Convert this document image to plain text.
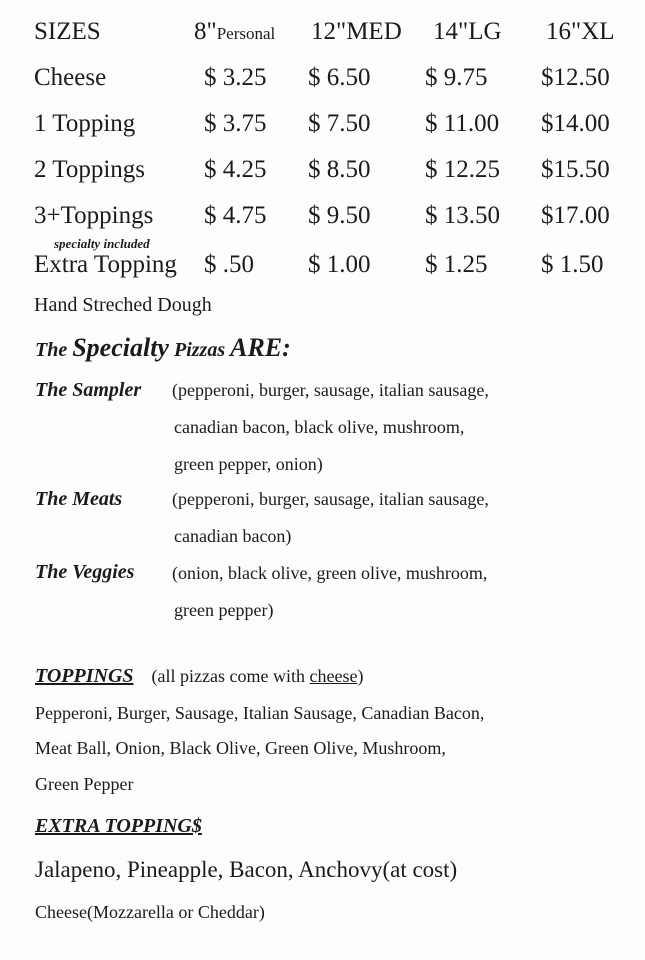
SIZES	8"Personal 12"MED 14"LG 16"XL
Cheese	$ 3.25 $ 6.50 $ 9.75 $12.50
1 Topping	$ 3.75 $ 7.50 $ 11.00 $14.00
2 Toppings $ 4.25 $ 8.50 $ 12.25 $15.50
3+Toppings $ 4.75 $ 9.50 $ 13.50 $17.00
specialty included
Extra Topping $ .50 $ 1.00 $ 1.25 $ 1.50
Hand Streched Dough
The Specialty Pizzas ARE:
The Sampler (pepperoni, burger, sausage, italian sausage,
canadian bacon, black olive, mushroom,
green pepper, onion)
The Meats	(pepperoni, burger, sausage, italian sausage,
canadian bacon)
The Veggies (onion, black olive, green olive, mushroom,
green pepper)
TOPPINGS (all pizzas come with cheese)
Pepperoni, Burger, Sausage, Italian Sausage, Canadian Bacon,
Meat Ball, Onion, Black Olive, Green Olive, Mushroom,
Green Pepper
EXTRA TOPPING$
Jalapeno, Pineapple, Bacon, Anchovy(at cost)
Cheese(Mozzarella or Cheddar)
